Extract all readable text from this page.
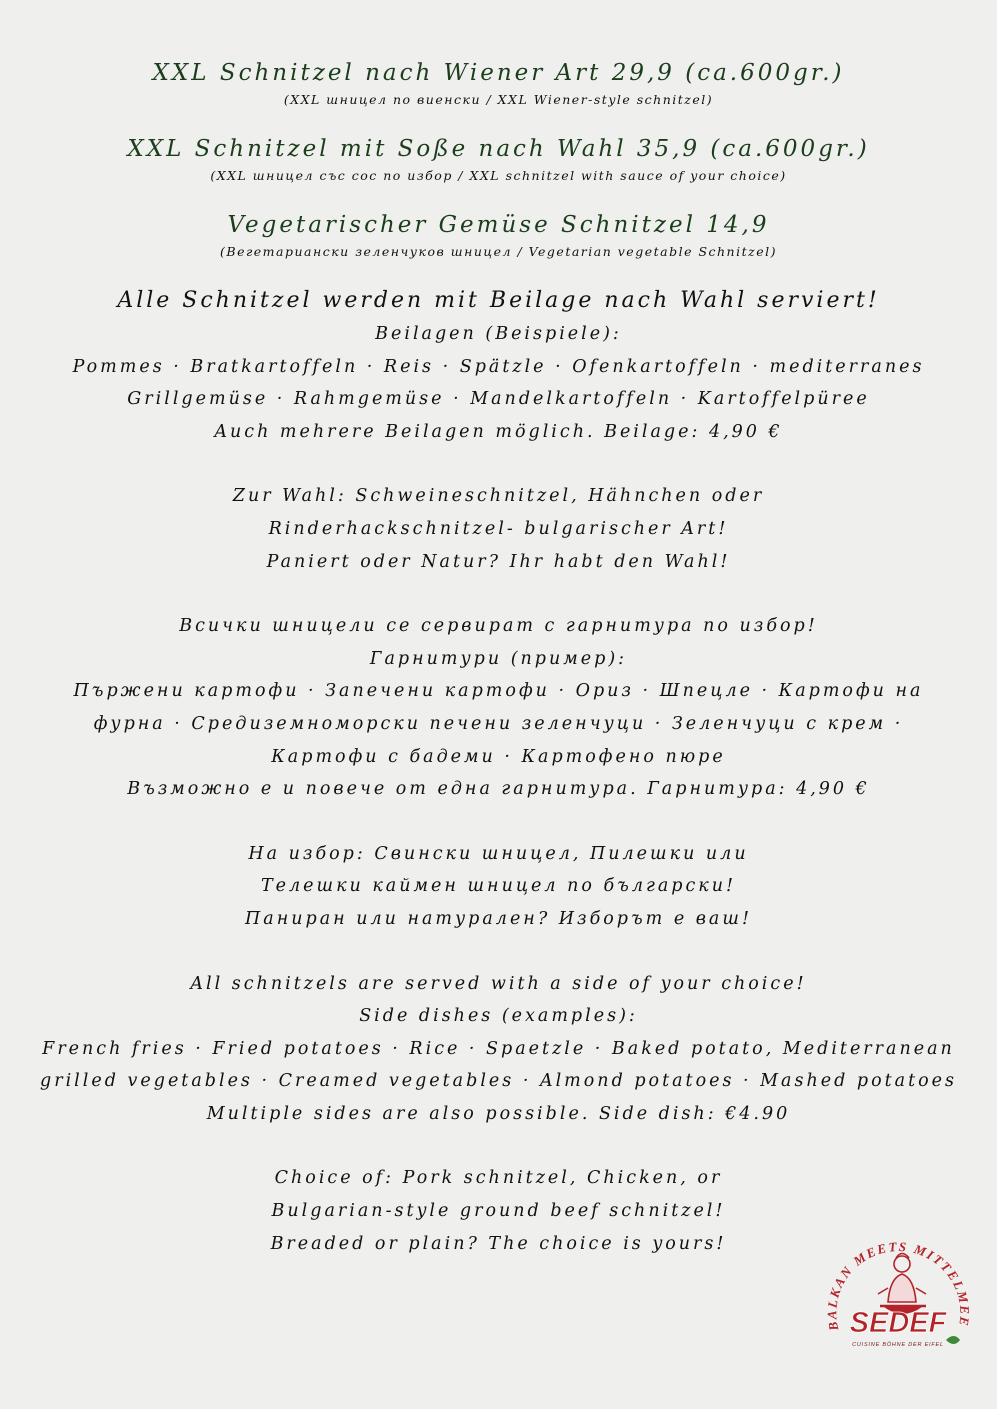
XXL Schnitzel nach Wiener Art 29,9 (ca.600gr.)
(XXL шницел по виенски / XXL Wiener-style schnitzel)
XXL Schnitzel mit Soße nach Wahl 35,9 (ca.600gr.)
(XXL шницел със сос по избор / XXL schnitzel with sauce of your choice)
Vegetarischer Gemüse Schnitzel 14,9
(Вегетариански зеленчуков шницел / Vegetarian vegetable Schnitzel)
Alle Schnitzel werden mit Beilage nach Wahl serviert!
Beilagen (Beispiele):
Pommes · Bratkartoffeln · Reis · Spätzle · Ofenkartoffeln · mediterranes
Grillgemüse · Rahmgemüse · Mandelkartoffeln · Kartoffelpüree
Auch mehrere Beilagen möglich. Beilage: 4,90 €
Zur Wahl: Schweineschnitzel, Hähnchen oder
Rinderhackschnitzel- bulgarischer Art!
Paniert oder Natur? Ihr habt den Wahl!
Всички шницели се сервират с гарнитура по избор!
Гарнитури (пример):
Пържени картофи · Запечени картофи · Ориз · Шпецле · Картофи на
фурна · Средиземноморски печени зеленчуци · Зеленчуци с крем ·
Картофи с бадеми · Картофено пюре
Възможно е и повече от една гарнитура. Гарнитура: 4,90 €
На избор: Свински шницел, Пилешки или
Телешки каймен шницел по български!
Паниран или натурален? Изборът е ваш!
All schnitzels are served with a side of your choice!
Side dishes (examples):
French fries · Fried potatoes · Rice · Spaetzle · Baked potato, Mediterranean
grilled vegetables · Creamed vegetables · Almond potatoes · Mashed potatoes
Multiple sides are also possible. Side dish: €4.90
Choice of: Pork schnitzel, Chicken, or
Bulgarian-style ground beef schnitzel!
Breaded or plain? The choice is yours!
BALKAN MEETS MITTELMEE
SEDEF
CUISINE BÖHNE DER EIFEL
